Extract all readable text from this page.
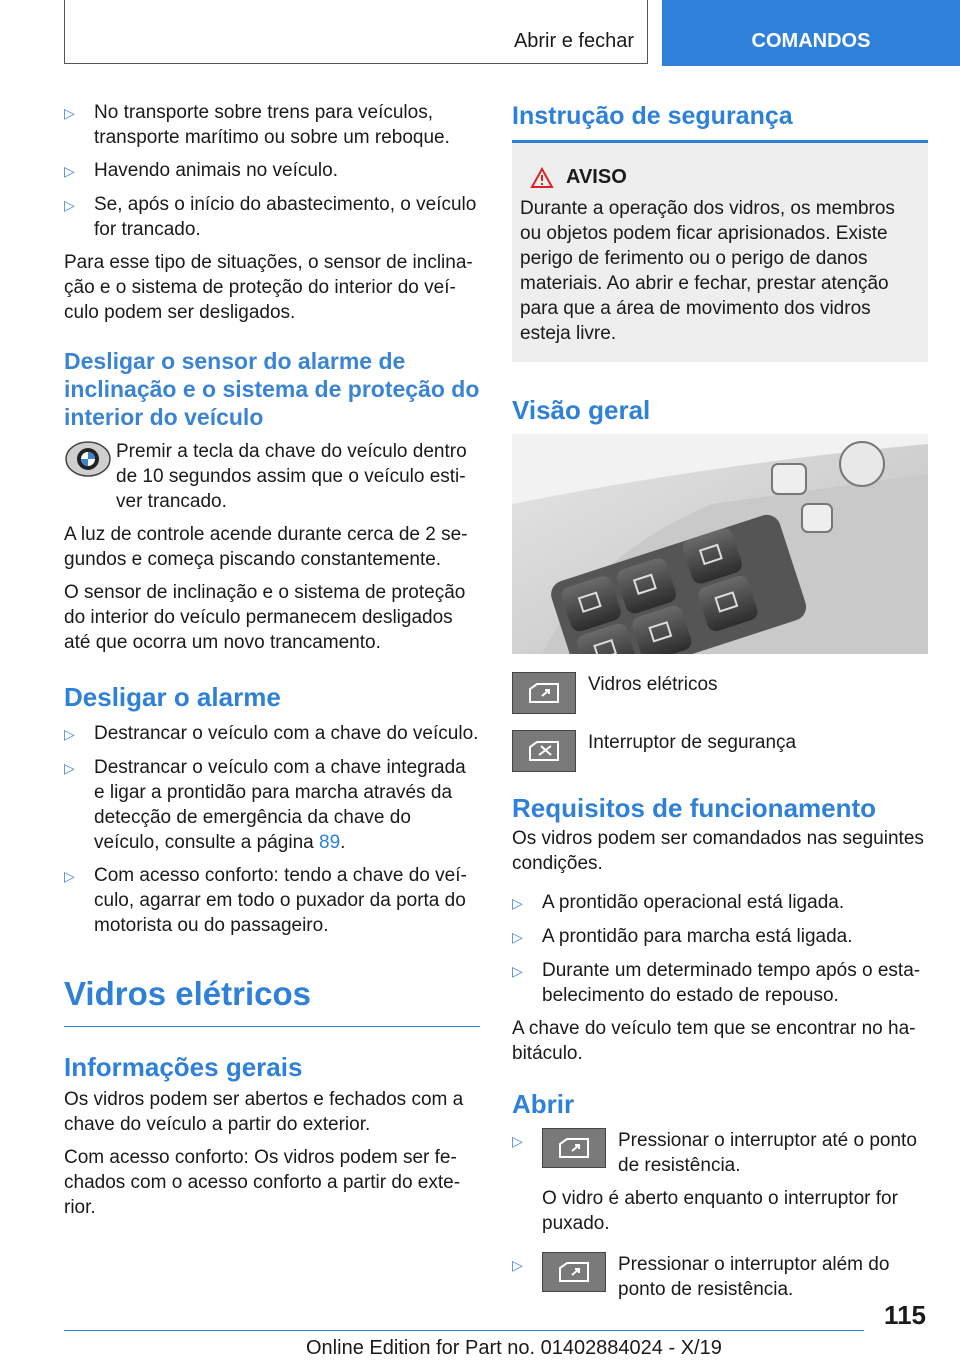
Abrir e fechar	COMANDOS
▷	No transporte sobre trens para veículos, transporte marítimo ou sobre um reboque.
▷	Havendo animais no veículo.
▷	Se, após o início do abastecimento, o veículo for trancado.

Para esse tipo de situações, o sensor de inclinação e o sistema de proteção do interior do veículo podem ser desligados.

Desligar o sensor do alarme de inclinação e o sistema de proteção do interior do veículo

Premir a tecla da chave do veículo dentro de 10 segundos assim que o veículo estiver trancado.

A luz de controle acende durante cerca de 2 segundos e começa piscando constantemente.

O sensor de inclinação e o sistema de proteção do interior do veículo permanecem desligados até que ocorra um novo trancamento.

Desligar o alarme
▷	Destrancar o veículo com a chave do veículo.
▷	Destrancar o veículo com a chave integrada e ligar a prontidão para marcha através da detecção de emergência da chave do veículo, consulte a página 89.
▷	Com acesso conforto: tendo a chave do veículo, agarrar em todo o puxador da porta do motorista ou do passageiro.
Vidros elétricos
Informações gerais

Os vidros podem ser abertos e fechados com a chave do veículo a partir do exterior.

Com acesso conforto: Os vidros podem ser fechados com o acesso conforto a partir do exterior.

Instrução de segurança
AVISO
Durante a operação dos vidros, os membros ou objetos podem ficar aprisionados. Existe perigo de ferimento ou o perigo de danos materiais. Ao abrir e fechar, prestar atenção para que a área de movimento dos vidros esteja livre.
Visão geral
Vidros elétricos
Interruptor de segurança
Requisitos de funcionamento

Os vidros podem ser comandados nas seguintes condições.

▷	A prontidão operacional está ligada.
▷	A prontidão para marcha está ligada.
▷	Durante um determinado tempo após o estabelecimento do estado de repouso.

A chave do veículo tem que se encontrar no habitáculo.

Abrir
▷	Pressionar o interruptor até o ponto de resistência.

O vidro é aberto enquanto o interruptor for puxado.

▷	Pressionar o interruptor além do ponto de resistência.
115
Online Edition for Part no. 01402884024 - X/19
